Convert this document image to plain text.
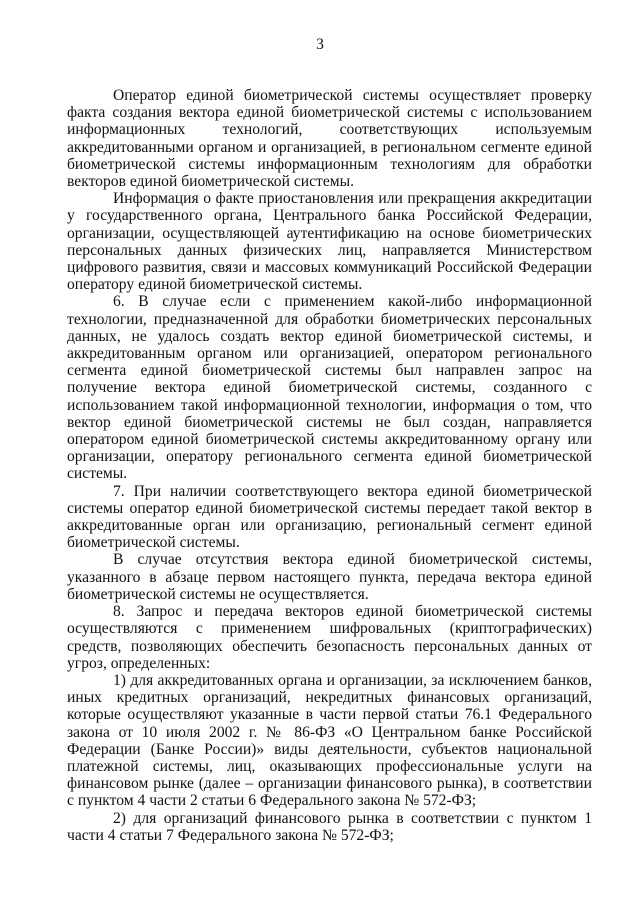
3

Оператор единой биометрической системы осуществляет проверку факта создания вектора единой биометрической системы с использованием информационных технологий, соответствующих используемым аккредитованными органом и организацией, в региональном сегменте единой биометрической системы информационным технологиям для обработки векторов единой биометрической системы.

Информация о факте приостановления или прекращения аккредитации у государственного органа, Центрального банка Российской Федерации, организации, осуществляющей аутентификацию на основе биометрических персональных данных физических лиц, направляется Министерством цифрового развития, связи и массовых коммуникаций Российской Федерации оператору единой биометрической системы.

6. В случае если с применением какой-либо информационной технологии, предназначенной для обработки биометрических персональных данных, не удалось создать вектор единой биометрической системы, и аккредитованным органом или организацией, оператором регионального сегмента единой биометрической системы был направлен запрос на получение вектора единой биометрической системы, созданного с использованием такой информационной технологии, информация о том, что вектор единой биометрической системы не был создан, направляется оператором единой биометрической системы аккредитованному органу или организации, оператору регионального сегмента единой биометрической системы.

7. При наличии соответствующего вектора единой биометрической системы оператор единой биометрической системы передает такой вектор в аккредитованные орган или организацию, региональный сегмент единой биометрической системы.

В случае отсутствия вектора единой биометрической системы, указанного в абзаце первом настоящего пункта, передача вектора единой биометрической системы не осуществляется.

8. Запрос и передача векторов единой биометрической системы осуществляются с применением шифровальных (криптографических) средств, позволяющих обеспечить безопасность персональных данных от угроз, определенных:

1) для аккредитованных органа и организации, за исключением банков, иных кредитных организаций, некредитных финансовых организаций, которые осуществляют указанные в части первой статьи 76.1 Федерального закона от 10 июля 2002 г. № 86-ФЗ «О Центральном банке Российской Федерации (Банке России)» виды деятельности, субъектов национальной платежной системы, лиц, оказывающих профессиональные услуги на финансовом рынке (далее – организации финансового рынка), в соответствии с пунктом 4 части 2 статьи 6 Федерального закона № 572-ФЗ;

2) для организаций финансового рынка в соответствии с пунктом 1 части 4 статьи 7 Федерального закона № 572-ФЗ;
